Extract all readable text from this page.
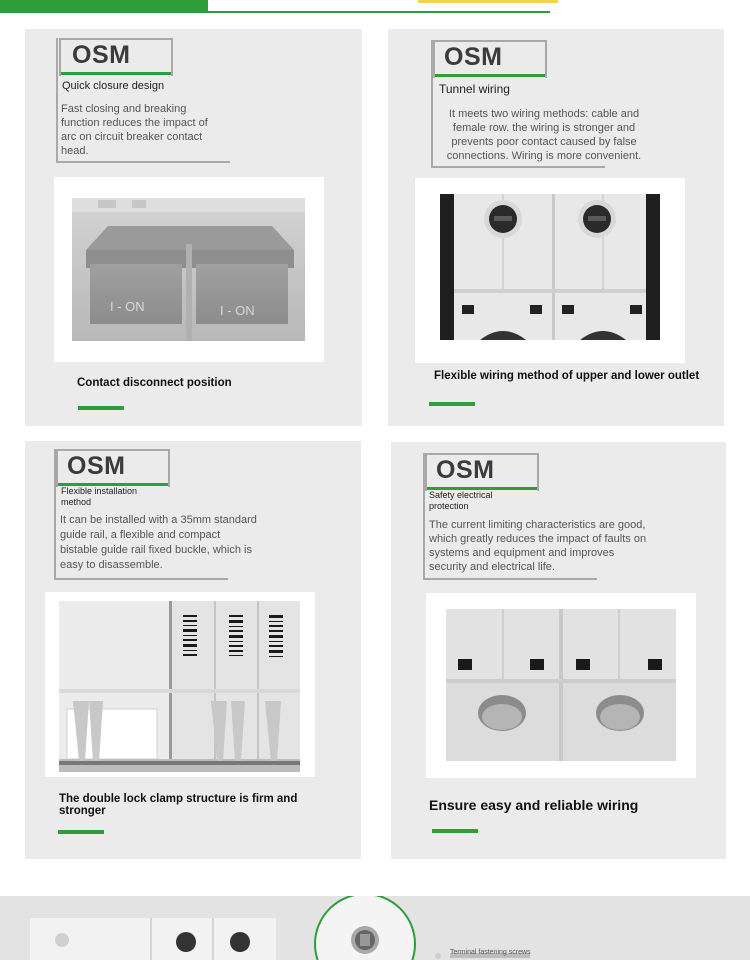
OSM
Quick closure design
Fast closing and breaking function reduces the impact of arc on circuit breaker contact head.
I - ON	I - ON
Contact disconnect position
OSM
Tunnel wiring
It meets two wiring methods: cable and female row. the wiring is stronger and prevents poor contact caused by false connections. Wiring is more convenient.
Flexible wiring method of upper and lower outlet
OSM
Flexible installation method
It can be installed with a 35mm standard guide rail, a flexible and compact bistable guide rail fixed buckle, which is easy to disassemble.
The double lock clamp structure is firm and stronger
OSM
Safety electrical protection
The current limiting characteristics are good, which greatly reduces the impact of faults on systems and equipment and improves security and electrical life.
Ensure easy and reliable wiring
Terminal fastening screws
